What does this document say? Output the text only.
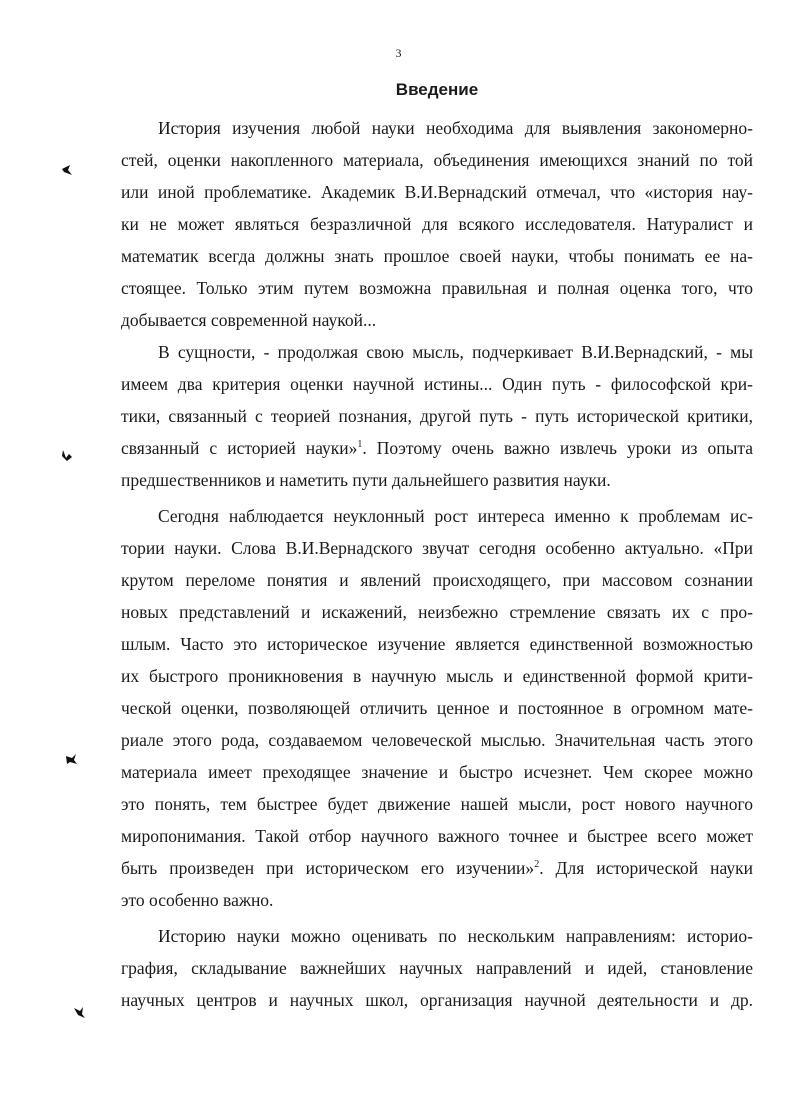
3
Введение
История изучения любой науки необходима для выявления закономерно-
стей, оценки накопленного материала, объединения имеющихся знаний по той
или иной проблематике. Академик В.И.Вернадский отмечал, что «история нау-
ки не может являться безразличной для всякого исследователя. Натуралист и
математик всегда должны знать прошлое своей науки, чтобы понимать ее на-
стоящее. Только этим путем возможна правильная и полная оценка того, что
добывается современной наукой...
В сущности, - продолжая свою мысль, подчеркивает В.И.Вернадский, - мы
имеем два критерия оценки научной истины... Один путь - философской кри-
тики, связанный с теорией познания, другой путь - путь исторической критики,
связанный с историей науки»$^1$. Поэтому очень важно извлечь уроки из опыта
предшественников и наметить пути дальнейшего развития науки.
Сегодня наблюдается неуклонный рост интереса именно к проблемам ис-
тории науки. Слова В.И.Вернадского звучат сегодня особенно актуально. «При
крутом переломе понятия и явлений происходящего, при массовом сознании
новых представлений и искажений, неизбежно стремление связать их с про-
шлым. Часто это историческое изучение является единственной возможностью
их быстрого проникновения в научную мысль и единственной формой крити-
ческой оценки, позволяющей отличить ценное и постоянное в огромном мате-
риале этого рода, создаваемом человеческой мыслью. Значительная часть этого
материала имеет преходящее значение и быстро исчезнет. Чем скорее можно
это понять, тем быстрее будет движение нашей мысли, рост нового научного
миропонимания. Такой отбор научного важного точнее и быстрее всего может
быть произведен при историческом его изучении»$^2$. Для исторической науки
это особенно важно.
Историю науки можно оценивать по нескольким направлениям: историо-
графия, складывание важнейших научных направлений и идей, становление
научных центров и научных школ, организация научной деятельности и др.
